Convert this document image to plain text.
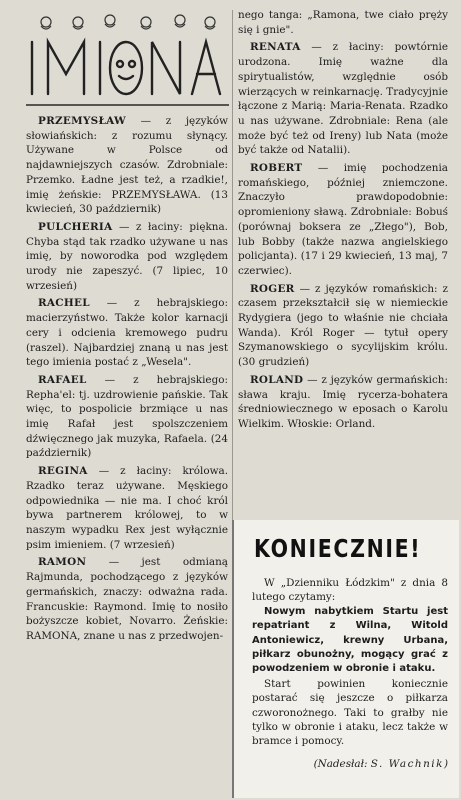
PRZEMYSŁAW — z języków słowiańskich: z rozumu słynący. Używane w Polsce od najdawniejszych czasów. Zdrobniale: Przemko. Ładne jest też, a rzadkie!, imię żeńskie: PRZEMYSŁAWA. (13 kwiecień, 30 październik)

PULCHERIA — z łaciny: piękna. Chyba stąd tak rzadko używane u nas imię, by noworodka pod względem urody nie zapeszyć. (7 lipiec, 10 wrzesień)

RACHEL — z hebrajskiego: macierzyństwo. Także kolor karnacji cery i odcienia kremowego pudru (raszel). Najbardziej znaną u nas jest tego imienia postać z „Wesela".

RAFAEL — z hebrajskiego: Repha'el: tj. uzdrowienie pańskie. Tak więc, to pospolicie brzmiące u nas imię Rafał jest spolszczeniem dźwięcznego jak muzyka, Rafaela. (24 październik)

REGINA — z łaciny: królowa. Rzadko teraz używane. Męskiego odpowiednika — nie ma. I choć król bywa partnerem królowej, to w naszym wypadku Rex jest wyłącznie psim imieniem. (7 wrzesień)

RAMON — jest odmianą Rajmunda, pochodzącego z języków germańskich, znaczy: odważna rada. Francuskie: Raymond. Imię to nosiło bożyszcze kobiet, Novarro. Żeńskie: RAMONA, znane u nas z przedwojen-

nego tanga: „Ramona, twe ciało pręży się i gnie".

RENATA — z łaciny: powtórnie urodzona. Imię ważne dla spirytualistów, względnie osób wierzących w reinkarnację. Tradycyjnie łączone z Marią: Maria-Renata. Rzadko u nas używane. Zdrobniale: Rena (ale może być też od Ireny) lub Nata (może być także od Natalii).

ROBERT — imię pochodzenia romańskiego, później zniemczone. Znaczyło prawdopodobnie: opromieniony sławą. Zdrobniale: Bobuś (porównaj boksera ze „Złego"), Bob, lub Bobby (także nazwa angielskiego policjanta). (17 i 29 kwiecień, 13 maj, 7 czerwiec).

ROGER — z języków romańskich: z czasem przekształcił się w niemieckie Rydygiera (jego to właśnie nie chciała Wanda). Król Roger — tytuł opery Szymanowskiego o sycylijskim królu. (30 grudzień)

ROLAND — z języków germańskich: sława kraju. Imię rycerza-bohatera średniowiecznego w eposach o Karolu Wielkim. Włoskie: Orland.

KONIECZNIE!

W „Dzienniku Łódzkim" z dnia 8 lutego czytamy:

Nowym nabytkiem Startu jest repatriant z Wilna, Witold Antoniewicz, krewny Urbana, piłkarz obunożny, mogący grać z powodzeniem w obronie i ataku.

Start powinien koniecznie postarać się jeszcze o piłkarza czworonożnego. Taki to grałby nie tylko w obronie i ataku, lecz także w bramce i pomocy.

(Nadesłał: S. Wachnik)
